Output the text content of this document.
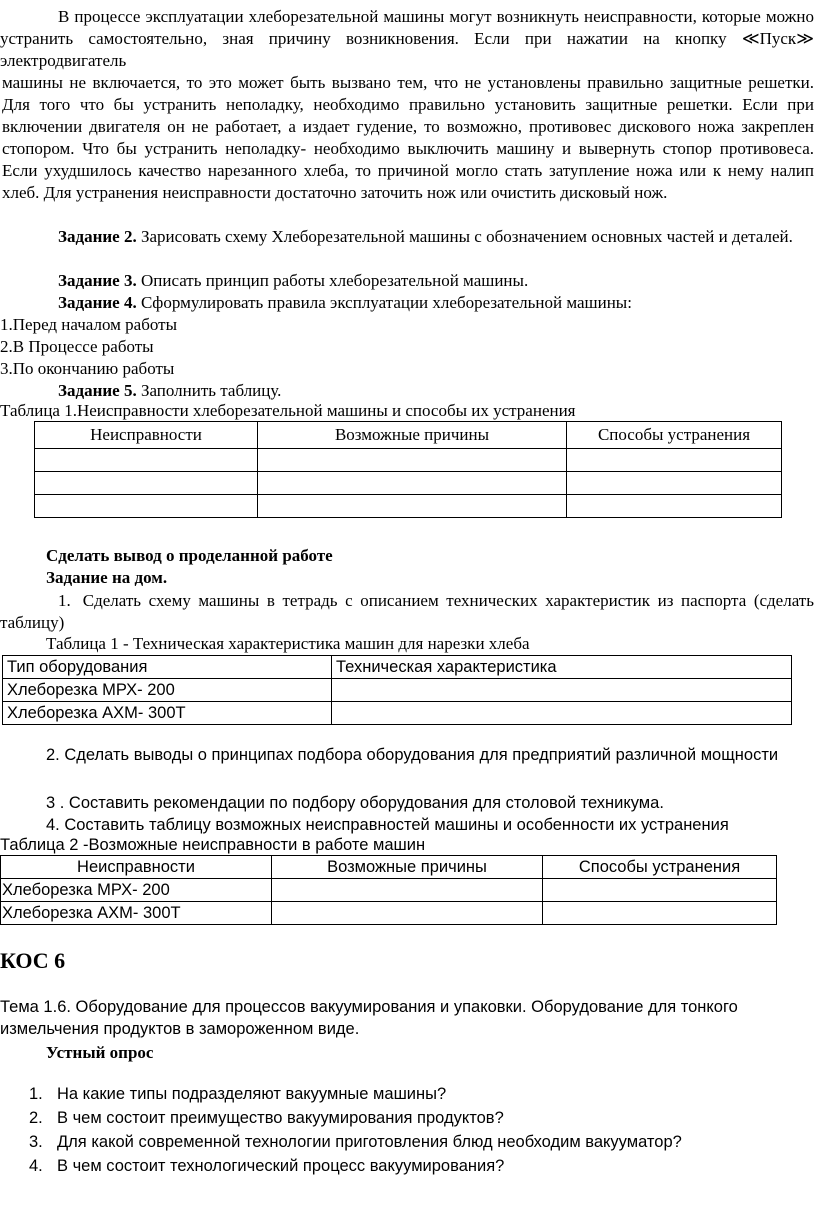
В процессе эксплуатации хлеборезательной машины могут возникнуть неисправности, которые можно устранить самостоятельно, зная причину возникновения. Если при нажатии на кнопку ≪Пуск≫ электродвигатель

машины не включается, то это может быть вызвано тем, что не установлены правильно защитные решетки. Для того что бы устранить неполадку, необходимо правильно установить защитные решетки. Если при включении двигателя он не работает, а издает гудение, то возможно, противовес дискового ножа закреплен стопором. Что бы устранить неполадку- необходимо выключить машину и вывернуть стопор противовеса. Если ухудшилось качество нарезанного хлеба, то причиной могло стать затупление ножа или к нему налип хлеб. Для устранения неисправности достаточно заточить нож или очистить дисковый нож.

Задание 2. Зарисовать схему Хлеборезательной машины с обозначением основных частей и деталей.

Задание 3. Описать принцип работы хлеборезательной машины.

Задание 4. Сформулировать правила эксплуатации хлеборезательной машины:

1.Перед началом работы

2.В Процессе работы

3.По окончанию работы

Задание 5. Заполнить таблицу.

Таблица 1.Неисправности хлеборезательной машины и способы их устранения

Неисправности	Возможные причины	Способы устранения

Сделать вывод о проделанной работе

Задание на дом.

1. Сделать схему машины в тетрадь с описанием технических характеристик из паспорта (сделать таблицу)

Таблица 1 - Техническая характеристика машин для нарезки хлеба

Тип оборудования	Техническая характеристика
Хлеборезка МРХ- 200	
Хлеборезка АХМ- 300Т	

2. Сделать выводы о принципах подбора оборудования для предприятий различной мощности

3 . Составить рекомендации по подбору оборудования для столовой техникума.

4. Составить таблицу возможных неисправностей машины и особенности их устранения

Таблица 2 -Возможные неисправности в работе машин

Неисправности	Возможные причины	Способы устранения
Хлеборезка МРХ- 200		
Хлеборезка АХМ- 300Т		
КОС 6

Тема 1.6. Оборудование для процессов вакуумирования и упаковки. Оборудование для тонкого измельчения продуктов в замороженном виде.

Устный опрос

1. На какие типы подразделяют вакуумные машины?
2. В чем состоит преимущество вакуумирования продуктов?
3. Для какой современной технологии приготовления блюд необходим вакууматор?
4. В чем состоит технологический процесс вакуумирования?
